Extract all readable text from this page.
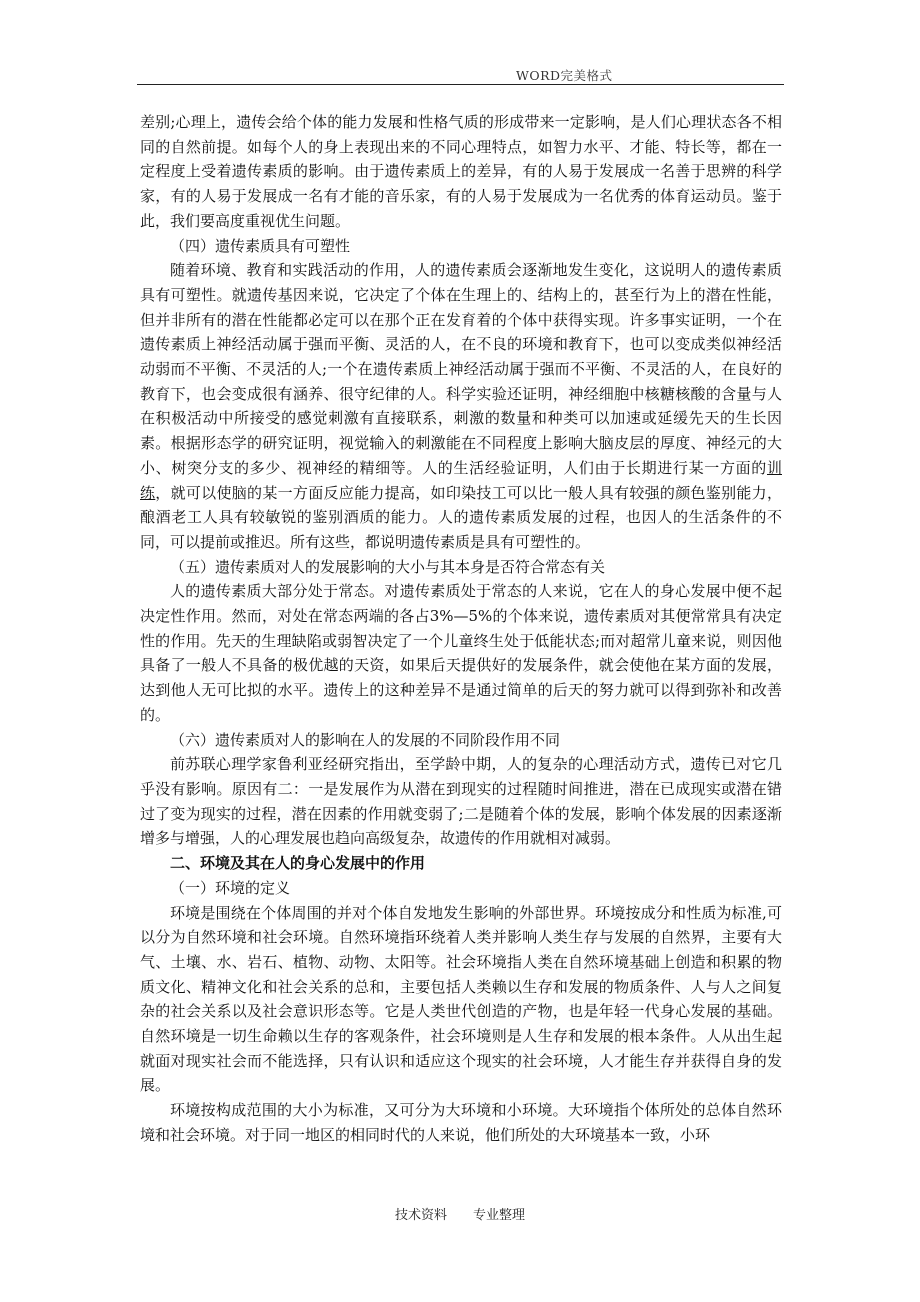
WORD完美格式

差别;心理上，遗传会给个体的能力发展和性格气质的形成带来一定影响，是人们心理状态各不相同的自然前提。如每个人的身上表现出来的不同心理特点，如智力水平、才能、特长等，都在一定程度上受着遗传素质的影响。由于遗传素质上的差异，有的人易于发展成一名善于思辨的科学家，有的人易于发展成一名有才能的音乐家，有的人易于发展成为一名优秀的体育运动员。鉴于此，我们要高度重视优生问题。

（四）遗传素质具有可塑性

随着环境、教育和实践活动的作用，人的遗传素质会逐渐地发生变化，这说明人的遗传素质具有可塑性。就遗传基因来说，它决定了个体在生理上的、结构上的，甚至行为上的潜在性能，但并非所有的潜在性能都必定可以在那个正在发育着的个体中获得实现。许多事实证明，一个在遗传素质上神经活动属于强而平衡、灵活的人，在不良的环境和教育下，也可以变成类似神经活动弱而不平衡、不灵活的人;一个在遗传素质上神经活动属于强而不平衡、不灵活的人，在良好的教育下，也会变成很有涵养、很守纪律的人。科学实验还证明，神经细胞中核糖核酸的含量与人在积极活动中所接受的感觉刺激有直接联系，刺激的数量和种类可以加速或延缓先天的生长因素。根据形态学的研究证明，视觉输入的刺激能在不同程度上影响大脑皮层的厚度、神经元的大小、树突分支的多少、视神经的精细等。人的生活经验证明，人们由于长期进行某一方面的训练，就可以使脑的某一方面反应能力提高，如印染技工可以比一般人具有较强的颜色鉴别能力，酿酒老工人具有较敏锐的鉴别酒质的能力。人的遗传素质发展的过程，也因人的生活条件的不同，可以提前或推迟。所有这些，都说明遗传素质是具有可塑性的。

（五）遗传素质对人的发展影响的大小与其本身是否符合常态有关

人的遗传素质大部分处于常态。对遗传素质处于常态的人来说，它在人的身心发展中便不起决定性作用。然而，对处在常态两端的各占3%—5%的个体来说，遗传素质对其便常常具有决定性的作用。先天的生理缺陷或弱智决定了一个儿童终生处于低能状态;而对超常儿童来说，则因他具备了一般人不具备的极优越的天资，如果后天提供好的发展条件，就会使他在某方面的发展，达到他人无可比拟的水平。遗传上的这种差异不是通过简单的后天的努力就可以得到弥补和改善的。

（六）遗传素质对人的影响在人的发展的不同阶段作用不同

前苏联心理学家鲁利亚经研究指出，至学龄中期，人的复杂的心理活动方式，遗传已对它几乎没有影响。原因有二：一是发展作为从潜在到现实的过程随时间推进，潜在已成现实或潜在错过了变为现实的过程，潜在因素的作用就变弱了;二是随着个体的发展，影响个体发展的因素逐渐增多与增强，人的心理发展也趋向高级复杂，故遗传的作用就相对减弱。

二、环境及其在人的身心发展中的作用

（一）环境的定义

环境是围绕在个体周围的并对个体自发地发生影响的外部世界。环境按成分和性质为标准,可以分为自然环境和社会环境。自然环境指环绕着人类并影响人类生存与发展的自然界，主要有大气、土壤、水、岩石、植物、动物、太阳等。社会环境指人类在自然环境基础上创造和积累的物质文化、精神文化和社会关系的总和，主要包括人类赖以生存和发展的物质条件、人与人之间复杂的社会关系以及社会意识形态等。它是人类世代创造的产物，也是年轻一代身心发展的基础。自然环境是一切生命赖以生存的客观条件，社会环境则是人生存和发展的根本条件。人从出生起就面对现实社会而不能选择，只有认识和适应这个现实的社会环境，人才能生存并获得自身的发展。

环境按构成范围的大小为标准，又可分为大环境和小环境。大环境指个体所处的总体自然环境和社会环境。对于同一地区的相同时代的人来说，他们所处的大环境基本一致，小环

技术资料 专业整理
